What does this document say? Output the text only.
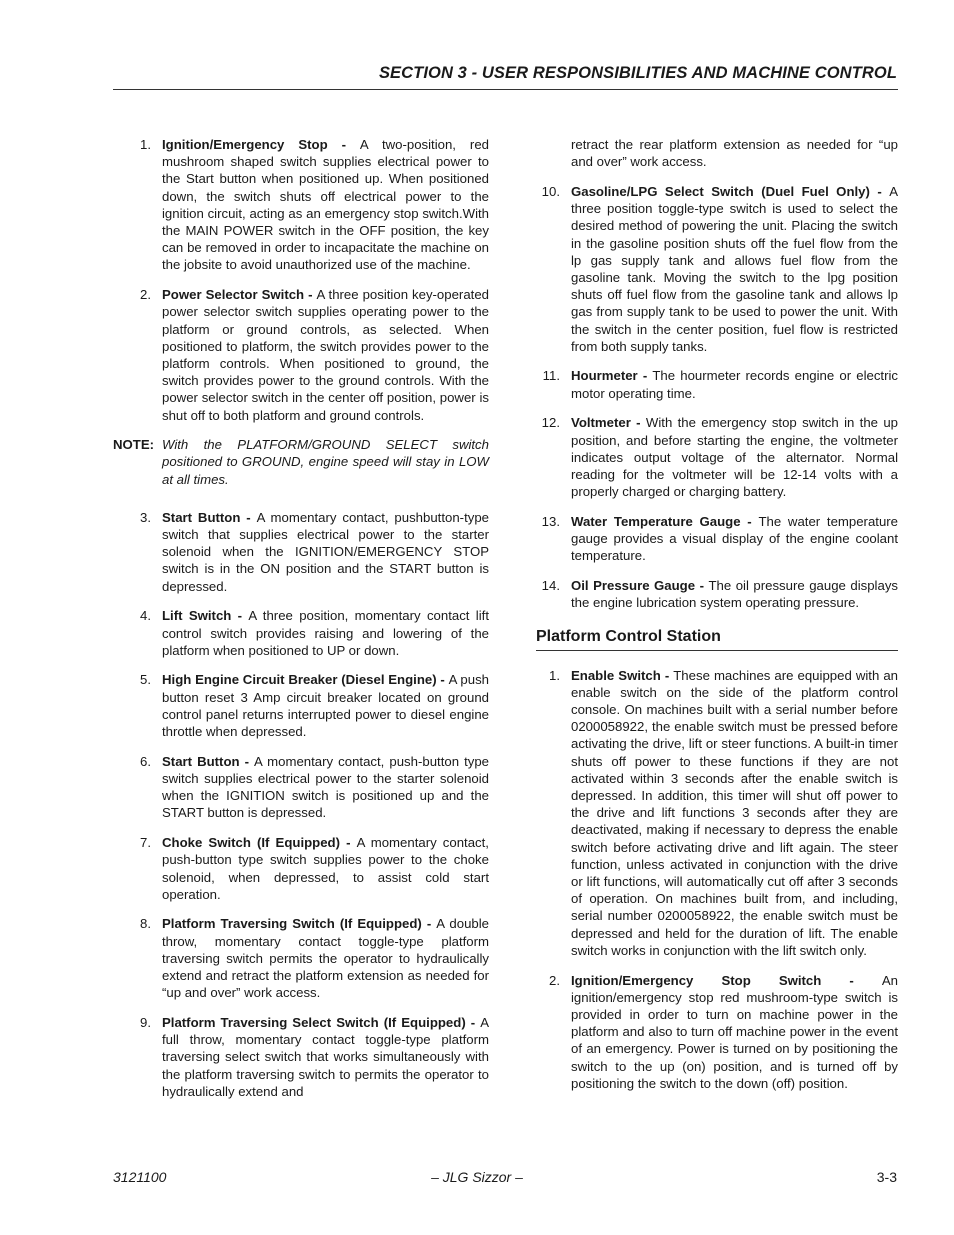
SECTION 3 - USER RESPONSIBILITIES AND MACHINE CONTROL
1. Ignition/Emergency Stop - A two-position, red mushroom shaped switch supplies electrical power to the Start button when positioned up. When positioned down, the switch shuts off electrical power to the ignition circuit, acting as an emergency stop switch.With the MAIN POWER switch in the OFF position, the key can be removed in order to incapacitate the machine on the jobsite to avoid unauthorized use of the machine.
2. Power Selector Switch - A three position key-operated power selector switch supplies operating power to the platform or ground controls, as selected. When positioned to platform, the switch provides power to the platform controls. When positioned to ground, the switch provides power to the ground controls. With the power selector switch in the center off position, power is shut off to both platform and ground controls.
NOTE: With the PLATFORM/GROUND SELECT switch positioned to GROUND, engine speed will stay in LOW at all times.
3. Start Button - A momentary contact, pushbutton-type switch that supplies electrical power to the starter solenoid when the IGNITION/EMERGENCY STOP switch is in the ON position and the START button is depressed.
4. Lift Switch - A three position, momentary contact lift control switch provides raising and lowering of the platform when positioned to UP or down.
5. High Engine Circuit Breaker (Diesel Engine) - A push button reset 3 Amp circuit breaker located on ground control panel returns interrupted power to diesel engine throttle when depressed.
6. Start Button - A momentary contact, push-button type switch supplies electrical power to the starter solenoid when the IGNITION switch is positioned up and the START button is depressed.
7. Choke Switch (If Equipped) - A momentary contact, push-button type switch supplies power to the choke solenoid, when depressed, to assist cold start operation.
8. Platform Traversing Switch (If Equipped) - A double throw, momentary contact toggle-type platform traversing switch permits the operator to hydraulically extend and retract the platform extension as needed for “up and over” work access.
9. Platform Traversing Select Switch (If Equipped) - A full throw, momentary contact toggle-type platform traversing select switch that works simultaneously with the platform traversing switch to permits the operator to hydraulically extend and
retract the rear platform extension as needed for “up and over” work access.
10. Gasoline/LPG Select Switch (Duel Fuel Only) - A three position toggle-type switch is used to select the desired method of powering the unit. Placing the switch in the gasoline position shuts off the fuel flow from the lp gas supply tank and allows fuel flow from the gasoline tank. Moving the switch to the lpg position shuts off fuel flow from the gasoline tank and allows lp gas from supply tank to be used to power the unit. With the switch in the center position, fuel flow is restricted from both supply tanks.
11. Hourmeter - The hourmeter records engine or electric motor operating time.
12. Voltmeter - With the emergency stop switch in the up position, and before starting the engine, the voltmeter indicates output voltage of the alternator. Normal reading for the voltmeter will be 12-14 volts with a properly charged or charging battery.
13. Water Temperature Gauge - The water temperature gauge provides a visual display of the engine coolant temperature.
14. Oil Pressure Gauge - The oil pressure gauge displays the engine lubrication system operating pressure.
Platform Control Station
1. Enable Switch - These machines are equipped with an enable switch on the side of the platform control console. On machines built with a serial number before 0200058922, the enable switch must be pressed before activating the drive, lift or steer functions. A built-in timer shuts off power to these functions if they are not activated within 3 seconds after the enable switch is depressed. In addition, this timer will shut off power to the drive and lift functions 3 seconds after they are deactivated, making if necessary to depress the enable switch before activating drive and lift again. The steer function, unless activated in conjunction with the drive or lift functions, will automatically cut off after 3 seconds of operation. On machines built from, and including, serial number 0200058922, the enable switch must be depressed and held for the duration of lift. The enable switch works in conjunction with the lift switch only.
2. Ignition/Emergency Stop Switch - An ignition/emergency stop red mushroom-type switch is provided in order to turn on machine power in the platform and also to turn off machine power in the event of an emergency. Power is turned on by positioning the switch to the up (on) position, and is turned off by positioning the switch to the down (off) position.
3121100	– JLG Sizzor –	3-3
